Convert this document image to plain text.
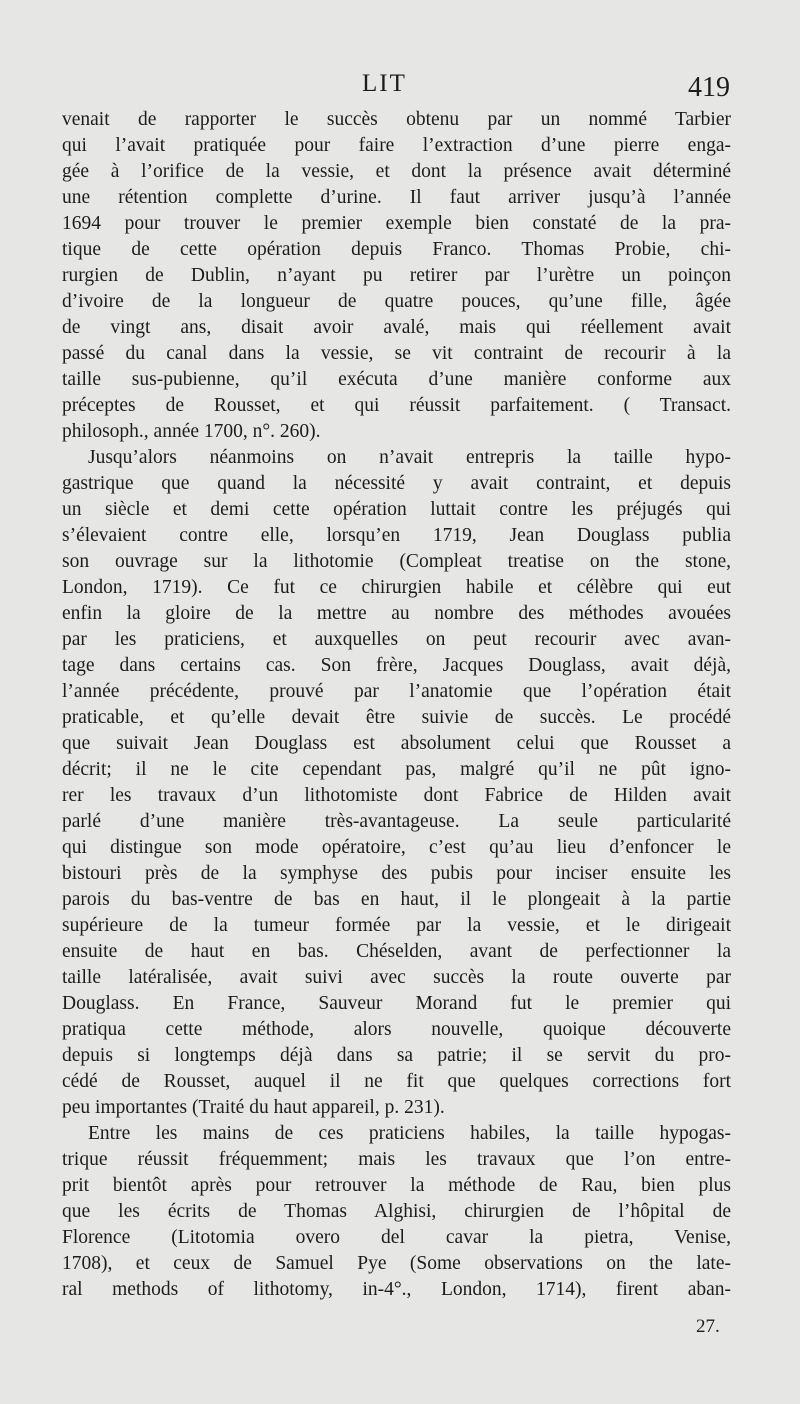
LIT	419
venait de rapporter le succès obtenu par un nommé Tarbier
qui l’avait pratiquée pour faire l’extraction d’une pierre enga-
gée à l’orifice de la vessie, et dont la présence avait déterminé
une rétention complette d’urine. Il faut arriver jusqu’à l’année
1694 pour trouver le premier exemple bien constaté de la pra-
tique de cette opération depuis Franco. Thomas Probie, chi-
rurgien de Dublin, n’ayant pu retirer par l’urètre un poinçon
d’ivoire de la longueur de quatre pouces, qu’une fille, âgée
de vingt ans, disait avoir avalé, mais qui réellement avait
passé du canal dans la vessie, se vit contraint de recourir à la
taille sus-pubienne, qu’il exécuta d’une manière conforme aux
préceptes de Rousset, et qui réussit parfaitement. ( Transact.
philosoph., année 1700, n°. 260).
Jusqu’alors néanmoins on n’avait entrepris la taille hypo-
gastrique que quand la nécessité y avait contraint, et depuis
un siècle et demi cette opération luttait contre les préjugés qui
s’élevaient contre elle, lorsqu’en 1719, Jean Douglass publia
son ouvrage sur la lithotomie (Compleat treatise on the stone,
London, 1719). Ce fut ce chirurgien habile et célèbre qui eut
enfin la gloire de la mettre au nombre des méthodes avouées
par les praticiens, et auxquelles on peut recourir avec avan-
tage dans certains cas. Son frère, Jacques Douglass, avait déjà,
l’année précédente, prouvé par l’anatomie que l’opération était
praticable, et qu’elle devait être suivie de succès. Le procédé
que suivait Jean Douglass est absolument celui que Rousset a
décrit; il ne le cite cependant pas, malgré qu’il ne pût igno-
rer les travaux d’un lithotomiste dont Fabrice de Hilden avait
parlé d’une manière très-avantageuse. La seule particularité
qui distingue son mode opératoire, c’est qu’au lieu d’enfoncer le
bistouri près de la symphyse des pubis pour inciser ensuite les
parois du bas-ventre de bas en haut, il le plongeait à la partie
supérieure de la tumeur formée par la vessie, et le dirigeait
ensuite de haut en bas. Chéselden, avant de perfectionner la
taille latéralisée, avait suivi avec succès la route ouverte par
Douglass. En France, Sauveur Morand fut le premier qui
pratiqua cette méthode, alors nouvelle, quoique découverte
depuis si longtemps déjà dans sa patrie; il se servit du pro-
cédé de Rousset, auquel il ne fit que quelques corrections fort
peu importantes (Traité du haut appareil, p. 231).
Entre les mains de ces praticiens habiles, la taille hypogas-
trique réussit fréquemment; mais les travaux que l’on entre-
prit bientôt après pour retrouver la méthode de Rau, bien plus
que les écrits de Thomas Alghisi, chirurgien de l’hôpital de
Florence (Litotomia overo del cavar la pietra, Venise,
1708), et ceux de Samuel Pye (Some observations on the late-
ral methods of lithotomy, in-4°., London, 1714), firent aban-
27.
